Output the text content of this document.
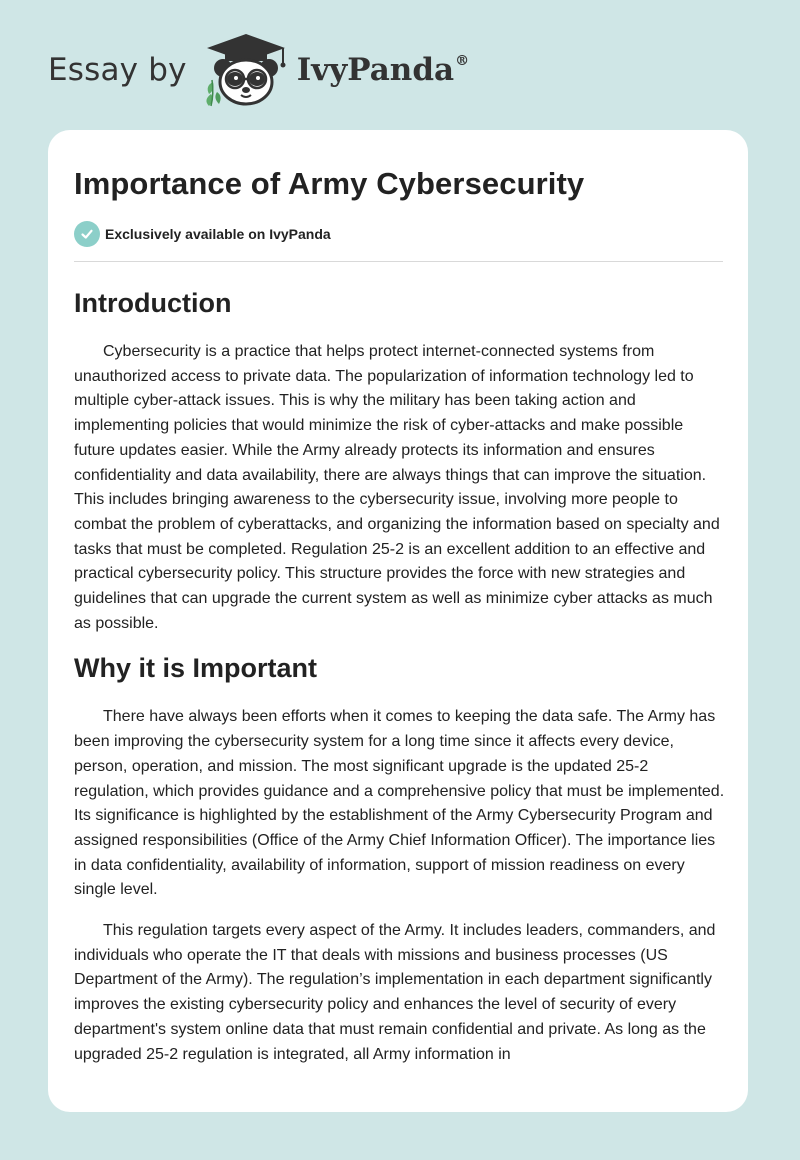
Essay by	IvyPanda®
Importance of Army Cybersecurity
Exclusively available on IvyPanda
Introduction

Cybersecurity is a practice that helps protect internet-connected systems from unauthorized access to private data. The popularization of information technology led to multiple cyber-attack issues. This is why the military has been taking action and implementing policies that would minimize the risk of cyber-attacks and make possible future updates easier. While the Army already protects its information and ensures confidentiality and data availability, there are always things that can improve the situation. This includes bringing awareness to the cybersecurity issue, involving more people to combat the problem of cyberattacks, and organizing the information based on specialty and tasks that must be completed. Regulation 25-2 is an excellent addition to an effective and practical cybersecurity policy. This structure provides the force with new strategies and guidelines that can upgrade the current system as well as minimize cyber attacks as much as possible.

Why it is Important

There have always been efforts when it comes to keeping the data safe. The Army has been improving the cybersecurity system for a long time since it affects every device, person, operation, and mission. The most significant upgrade is the updated 25-2 regulation, which provides guidance and a comprehensive policy that must be implemented. Its significance is highlighted by the establishment of the Army Cybersecurity Program and assigned responsibilities (Office of the Army Chief Information Officer). The importance lies in data confidentiality, availability of information, support of mission readiness on every single level.

This regulation targets every aspect of the Army. It includes leaders, commanders, and individuals who operate the IT that deals with missions and business processes (US Department of the Army). The regulation’s implementation in each department significantly improves the existing cybersecurity policy and enhances the level of security of every department's system online data that must remain confidential and private. As long as the upgraded 25-2 regulation is integrated, all Army information in
